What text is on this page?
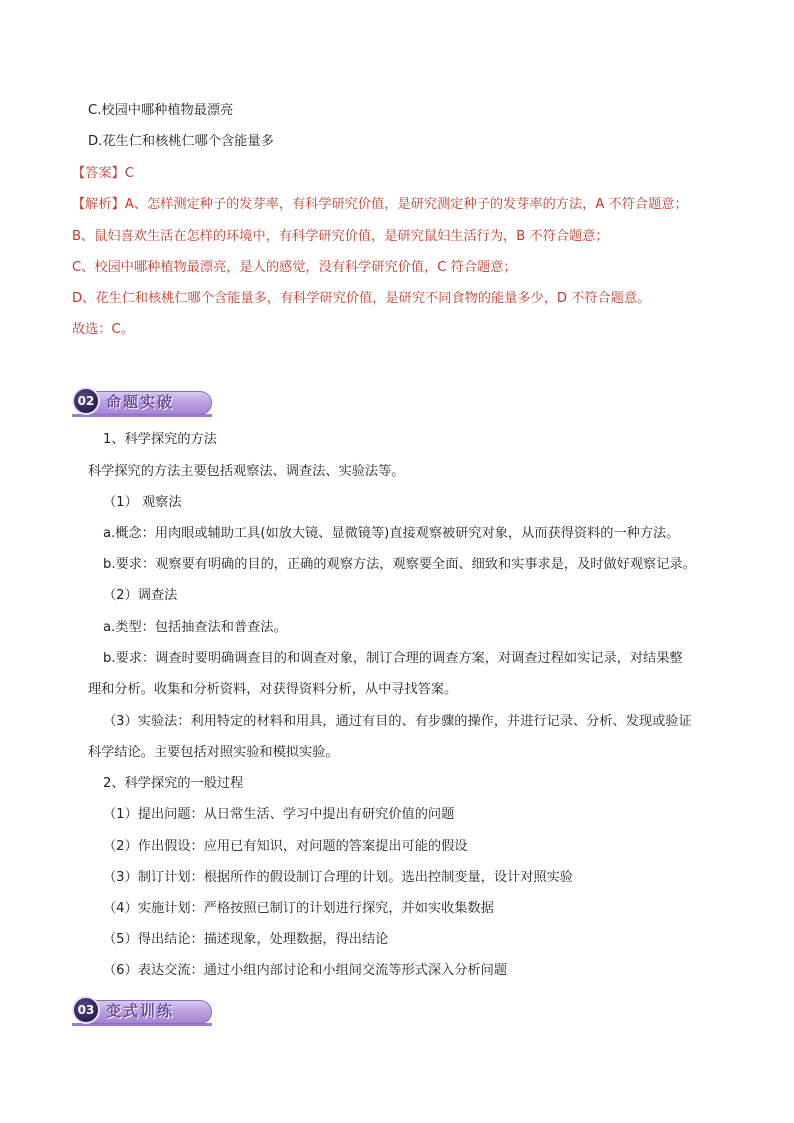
C.校园中哪种植物最漂亮
D.花生仁和核桃仁哪个含能量多
【答案】C
【解析】A、怎样测定种子的发芽率，有科学研究价值，是研究测定种子的发芽率的方法，A 不符合题意；
B、鼠妇喜欢生活在怎样的环境中，有科学研究价值，是研究鼠妇生活行为，B 不符合题意；
C、校园中哪种植物最漂亮，是人的感觉，没有科学研究价值，C 符合题意；
D、花生仁和核桃仁哪个含能量多，有科学研究价值，是研究不同食物的能量多少，D 不符合题意。
故选：C。
02 命题实破
1、科学探究的方法
科学探究的方法主要包括观察法、调查法、实验法等。
（1） 观察法
a.概念：用肉眼或辅助工具(如放大镜、显微镜等)直接观察被研究对象，从而获得资料的一种方法。
b.要求：观察要有明确的目的，正确的观察方法，观察要全面、细致和实事求是，及时做好观察记录。
（2）调查法
a.类型：包括抽查法和普查法。
b.要求：调查时要明确调查目的和调查对象，制订合理的调查方案，对调查过程如实记录，对结果整
理和分析。收集和分析资料，对获得资料分析，从中寻找答案。
（3）实验法：利用特定的材料和用具，通过有目的、有步骤的操作，并进行记录、分析、发现或验证
科学结论。主要包括对照实验和模拟实验。
2、科学探究的一般过程
（1）提出问题：从日常生活、学习中提出有研究价值的问题
（2）作出假设：应用已有知识，对问题的答案提出可能的假设
（3）制订计划：根据所作的假设制订合理的计划。选出控制变量，设计对照实验
（4）实施计划：严格按照已制订的计划进行探究，并如实收集数据
（5）得出结论：描述现象，处理数据，得出结论
（6）表达交流：通过小组内部讨论和小组间交流等形式深入分析问题
03 变式训练
